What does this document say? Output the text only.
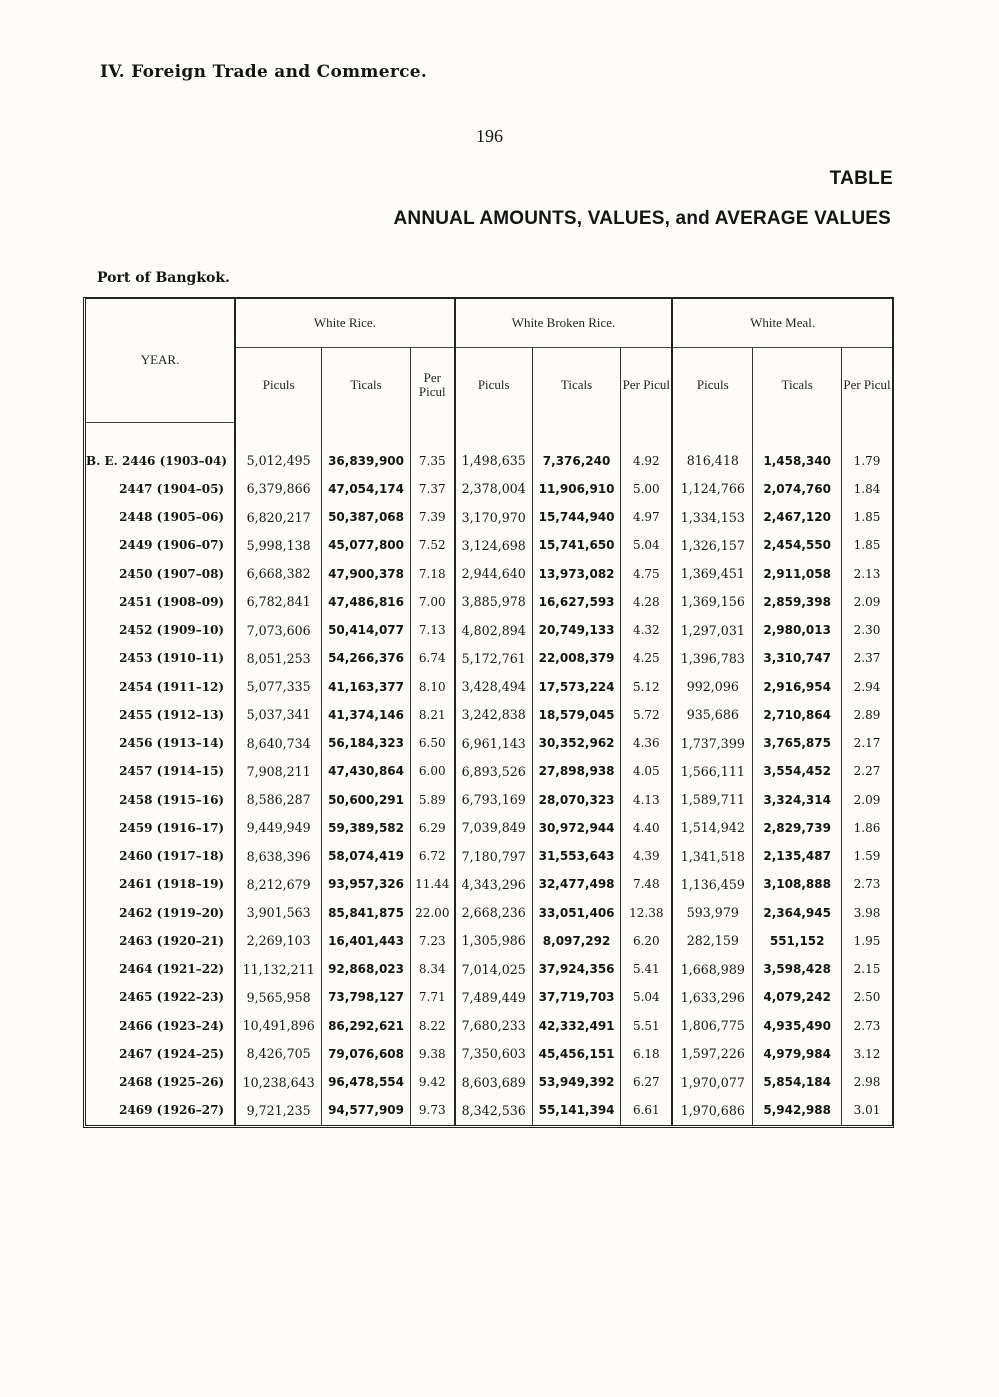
IV. Foreign Trade and Commerce.
196
TABLE
ANNUAL AMOUNTS, VALUES, and AVERAGE VALUES
Port of Bangkok.
YEAR.	White Rice.			White Broken Rice.			White Meal.		
	Piculs	Ticals	Per Picul	Piculs	Ticals	Per Picul	Piculs	Ticals	Per Picul

B. E. 2446 (1903–04)	5,012,495	36,839,900	7.35	1,498,635	7,376,240	4.92	816,418	1,458,340	1.79
2447 (1904–05)	6,379,866	47,054,174	7.37	2,378,004	11,906,910	5.00	1,124,766	2,074,760	1.84
2448 (1905–06)	6,820,217	50,387,068	7.39	3,170,970	15,744,940	4.97	1,334,153	2,467,120	1.85
2449 (1906–07)	5,998,138	45,077,800	7.52	3,124,698	15,741,650	5.04	1,326,157	2,454,550	1.85
2450 (1907–08)	6,668,382	47,900,378	7.18	2,944,640	13,973,082	4.75	1,369,451	2,911,058	2.13
2451 (1908–09)	6,782,841	47,486,816	7.00	3,885,978	16,627,593	4.28	1,369,156	2,859,398	2.09
2452 (1909–10)	7,073,606	50,414,077	7.13	4,802,894	20,749,133	4.32	1,297,031	2,980,013	2.30
2453 (1910–11)	8,051,253	54,266,376	6.74	5,172,761	22,008,379	4.25	1,396,783	3,310,747	2.37
2454 (1911–12)	5,077,335	41,163,377	8.10	3,428,494	17,573,224	5.12	992,096	2,916,954	2.94
2455 (1912–13)	5,037,341	41,374,146	8.21	3,242,838	18,579,045	5.72	935,686	2,710,864	2.89
2456 (1913–14)	8,640,734	56,184,323	6.50	6,961,143	30,352,962	4.36	1,737,399	3,765,875	2.17
2457 (1914–15)	7,908,211	47,430,864	6.00	6,893,526	27,898,938	4.05	1,566,111	3,554,452	2.27
2458 (1915–16)	8,586,287	50,600,291	5.89	6,793,169	28,070,323	4.13	1,589,711	3,324,314	2.09
2459 (1916–17)	9,449,949	59,389,582	6.29	7,039,849	30,972,944	4.40	1,514,942	2,829,739	1.86
2460 (1917–18)	8,638,396	58,074,419	6.72	7,180,797	31,553,643	4.39	1,341,518	2,135,487	1.59
2461 (1918–19)	8,212,679	93,957,326	11.44	4,343,296	32,477,498	7.48	1,136,459	3,108,888	2.73
2462 (1919–20)	3,901,563	85,841,875	22.00	2,668,236	33,051,406	12.38	593,979	2,364,945	3.98
2463 (1920–21)	2,269,103	16,401,443	7.23	1,305,986	8,097,292	6.20	282,159	551,152	1.95
2464 (1921–22)	11,132,211	92,868,023	8.34	7,014,025	37,924,356	5.41	1,668,989	3,598,428	2.15
2465 (1922–23)	9,565,958	73,798,127	7.71	7,489,449	37,719,703	5.04	1,633,296	4,079,242	2.50
2466 (1923–24)	10,491,896	86,292,621	8.22	7,680,233	42,332,491	5.51	1,806,775	4,935,490	2.73
2467 (1924–25)	8,426,705	79,076,608	9.38	7,350,603	45,456,151	6.18	1,597,226	4,979,984	3.12
2468 (1925–26)	10,238,643	96,478,554	9.42	8,603,689	53,949,392	6.27	1,970,077	5,854,184	2.98
2469 (1926–27)	9,721,235	94,577,909	9.73	8,342,536	55,141,394	6.61	1,970,686	5,942,988	3.01
